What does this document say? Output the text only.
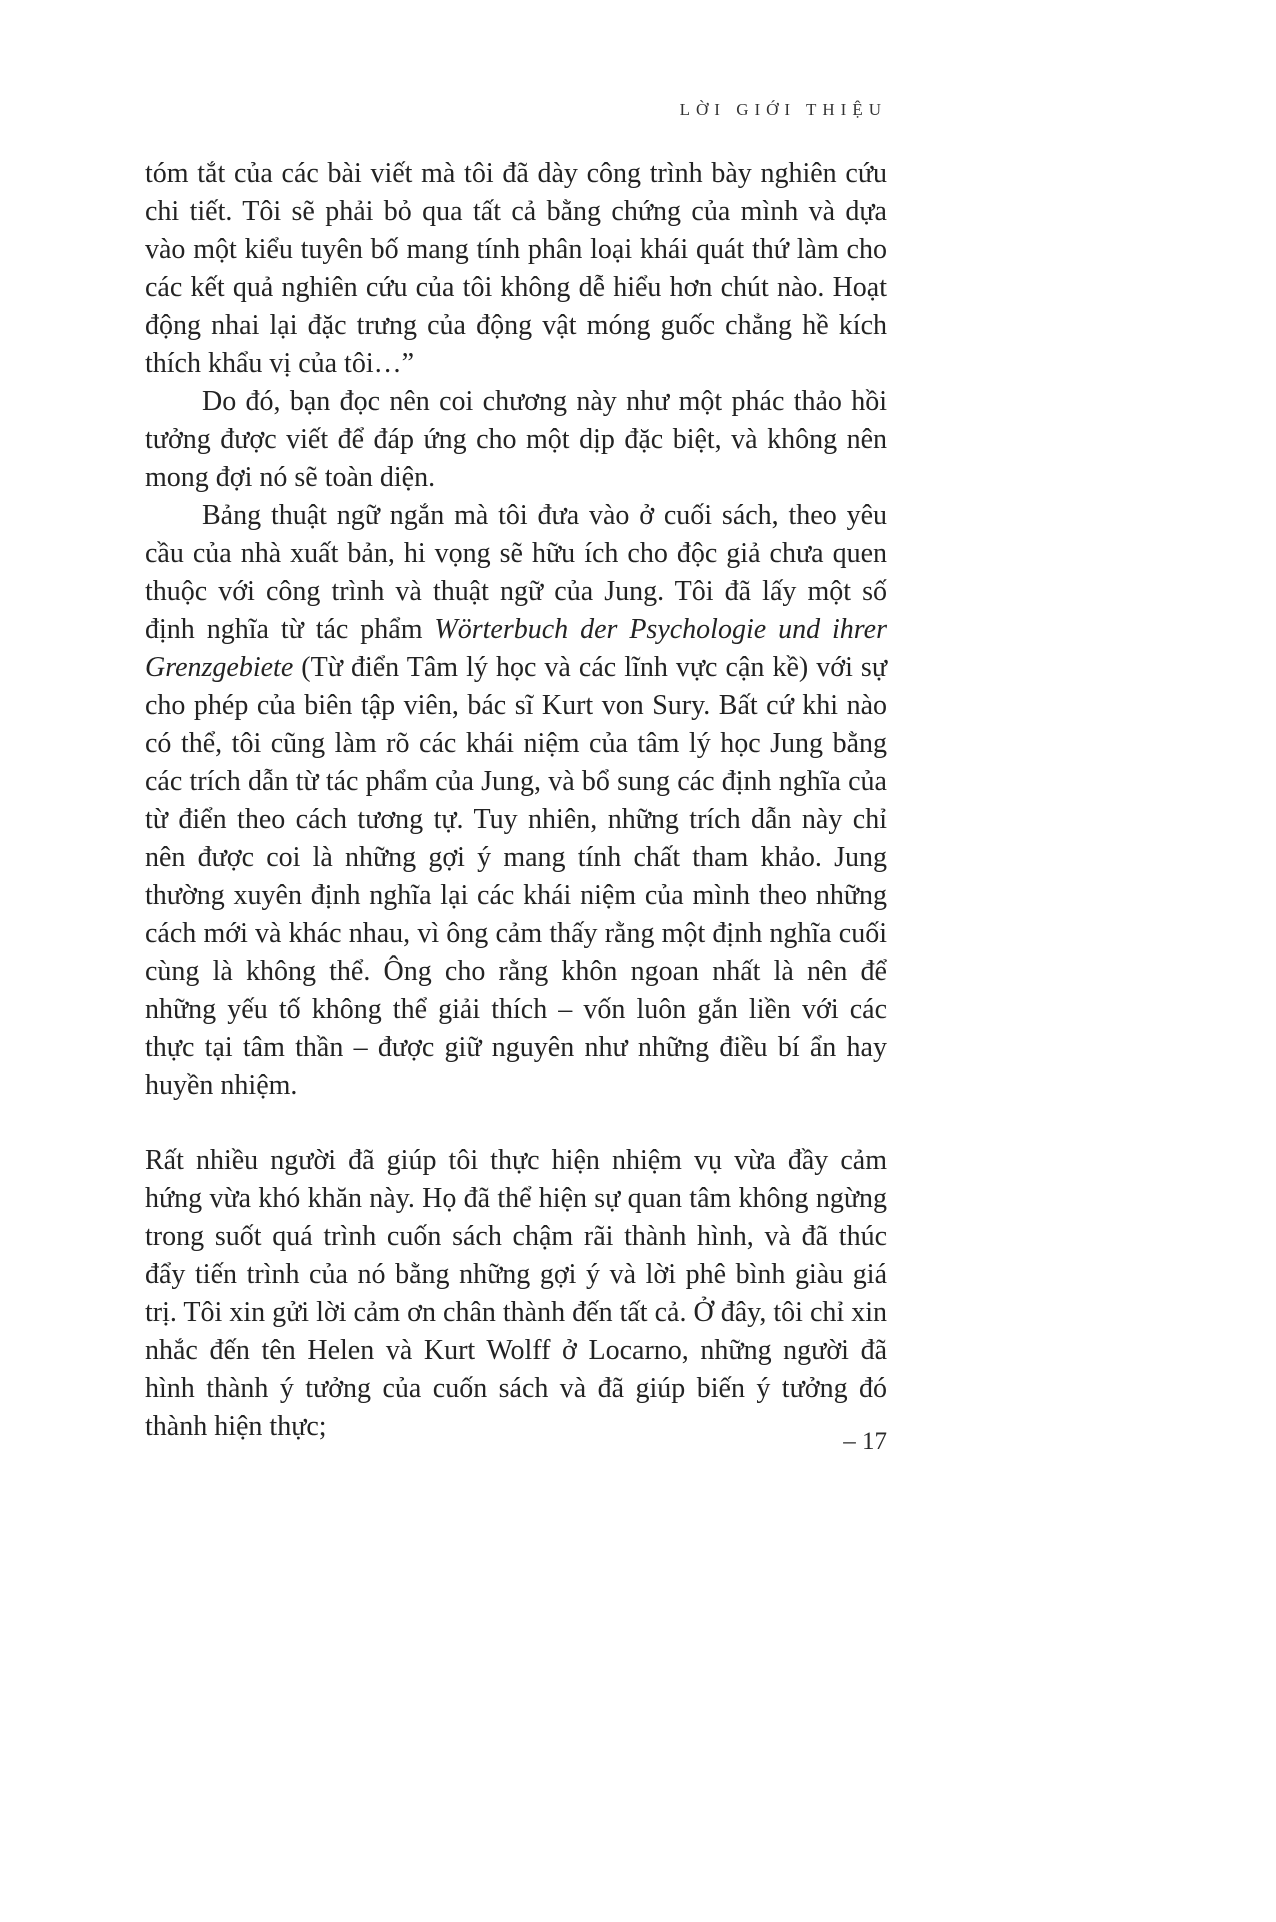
LỜI GIỚI THIỆU

tóm tắt của các bài viết mà tôi đã dày công trình bày nghiên cứu chi tiết. Tôi sẽ phải bỏ qua tất cả bằng chứng của mình và dựa vào một kiểu tuyên bố mang tính phân loại khái quát thứ làm cho các kết quả nghiên cứu của tôi không dễ hiểu hơn chút nào. Hoạt động nhai lại đặc trưng của động vật móng guốc chẳng hề kích thích khẩu vị của tôi…”

Do đó, bạn đọc nên coi chương này như một phác thảo hồi tưởng được viết để đáp ứng cho một dịp đặc biệt, và không nên mong đợi nó sẽ toàn diện.

Bảng thuật ngữ ngắn mà tôi đưa vào ở cuối sách, theo yêu cầu của nhà xuất bản, hi vọng sẽ hữu ích cho độc giả chưa quen thuộc với công trình và thuật ngữ của Jung. Tôi đã lấy một số định nghĩa từ tác phẩm Wörterbuch der Psychologie und ihrer Grenzgebiete (Từ điển Tâm lý học và các lĩnh vực cận kề) với sự cho phép của biên tập viên, bác sĩ Kurt von Sury. Bất cứ khi nào có thể, tôi cũng làm rõ các khái niệm của tâm lý học Jung bằng các trích dẫn từ tác phẩm của Jung, và bổ sung các định nghĩa của từ điển theo cách tương tự. Tuy nhiên, những trích dẫn này chỉ nên được coi là những gợi ý mang tính chất tham khảo. Jung thường xuyên định nghĩa lại các khái niệm của mình theo những cách mới và khác nhau, vì ông cảm thấy rằng một định nghĩa cuối cùng là không thể. Ông cho rằng khôn ngoan nhất là nên để những yếu tố không thể giải thích – vốn luôn gắn liền với các thực tại tâm thần – được giữ nguyên như những điều bí ẩn hay huyền nhiệm.

Rất nhiều người đã giúp tôi thực hiện nhiệm vụ vừa đầy cảm hứng vừa khó khăn này. Họ đã thể hiện sự quan tâm không ngừng trong suốt quá trình cuốn sách chậm rãi thành hình, và đã thúc đẩy tiến trình của nó bằng những gợi ý và lời phê bình giàu giá trị. Tôi xin gửi lời cảm ơn chân thành đến tất cả. Ở đây, tôi chỉ xin nhắc đến tên Helen và Kurt Wolff ở Locarno, những người đã hình thành ý tưởng của cuốn sách và đã giúp biến ý tưởng đó thành hiện thực;	– 17
